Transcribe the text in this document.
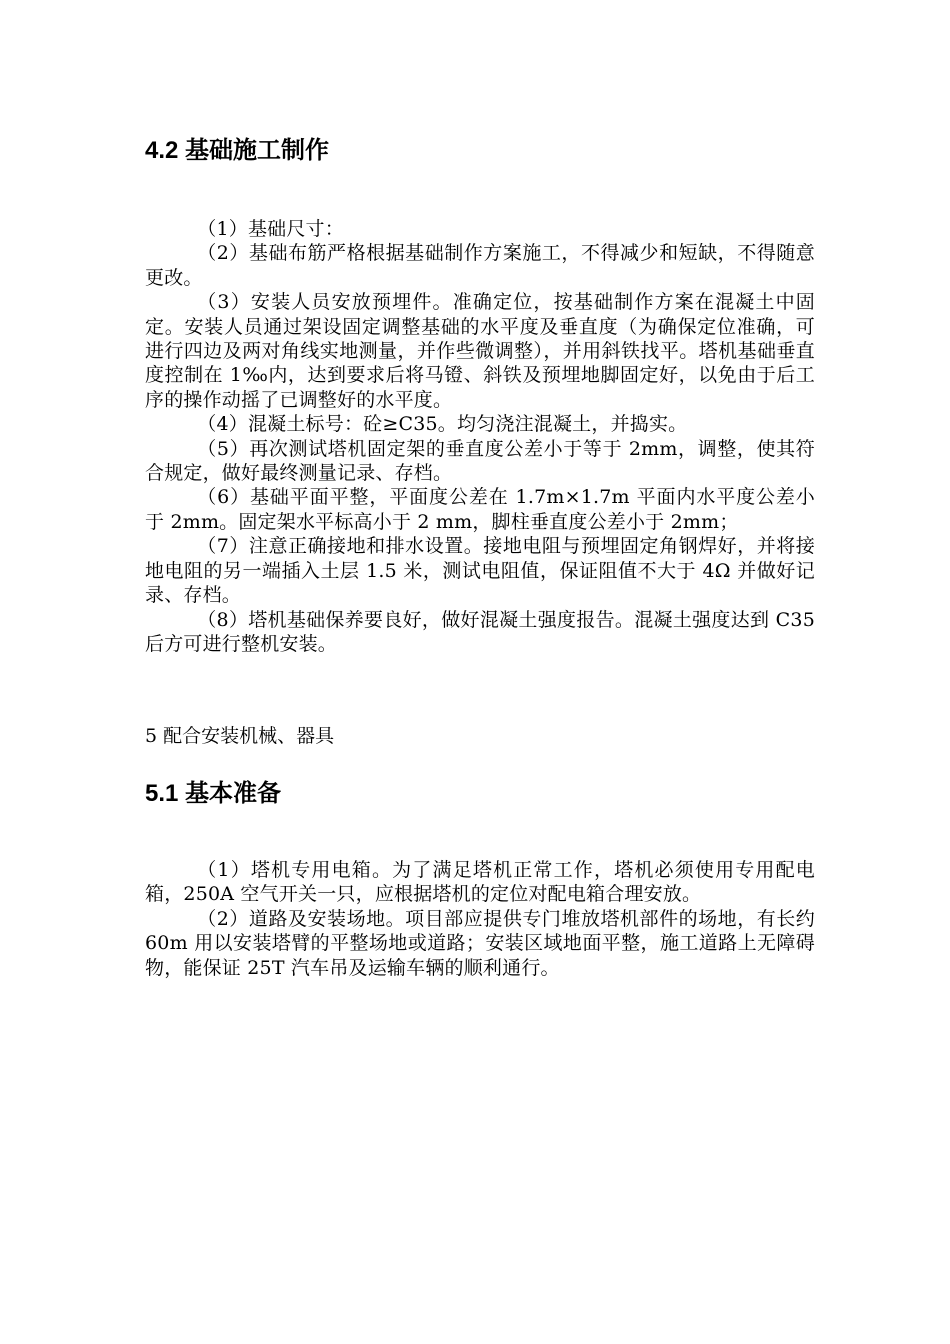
4.2 基础施工制作

（1）基础尺寸：

（2）基础布筋严格根据基础制作方案施工，不得减少和短缺，不得随意更改。

（3）安装人员安放预埋件。准确定位，按基础制作方案在混凝土中固定。安装人员通过架设固定调整基础的水平度及垂直度（为确保定位准确，可进行四边及两对角线实地测量，并作些微调整），并用斜铁找平。塔机基础垂直度控制在 1‰内，达到要求后将马镫、斜铁及预埋地脚固定好，以免由于后工序的操作动摇了已调整好的水平度。

（4）混凝土标号：砼≥C35。均匀浇注混凝土，并捣实。

（5）再次测试塔机固定架的垂直度公差小于等于 2mm，调整，使其符合规定，做好最终测量记录、存档。

（6）基础平面平整，平面度公差在 1.7m×1.7m 平面内水平度公差小于 2mm。固定架水平标高小于 2 mm，脚柱垂直度公差小于 2mm；

（7）注意正确接地和排水设置。接地电阻与预埋固定角钢焊好，并将接地电阻的另一端插入土层 1.5 米，测试电阻值，保证阻值不大于 4Ω 并做好记录、存档。

（8）塔机基础保养要良好，做好混凝土强度报告。混凝土强度达到 C35 后方可进行整机安装。

5 配合安装机械、器具

5.1 基本准备

（1）塔机专用电箱。为了满足塔机正常工作，塔机必须使用专用配电箱，250A 空气开关一只，应根据塔机的定位对配电箱合理安放。

（2）道路及安装场地。项目部应提供专门堆放塔机部件的场地，有长约 60m 用以安装塔臂的平整场地或道路；安装区域地面平整，施工道路上无障碍物，能保证 25T 汽车吊及运输车辆的顺利通行。
